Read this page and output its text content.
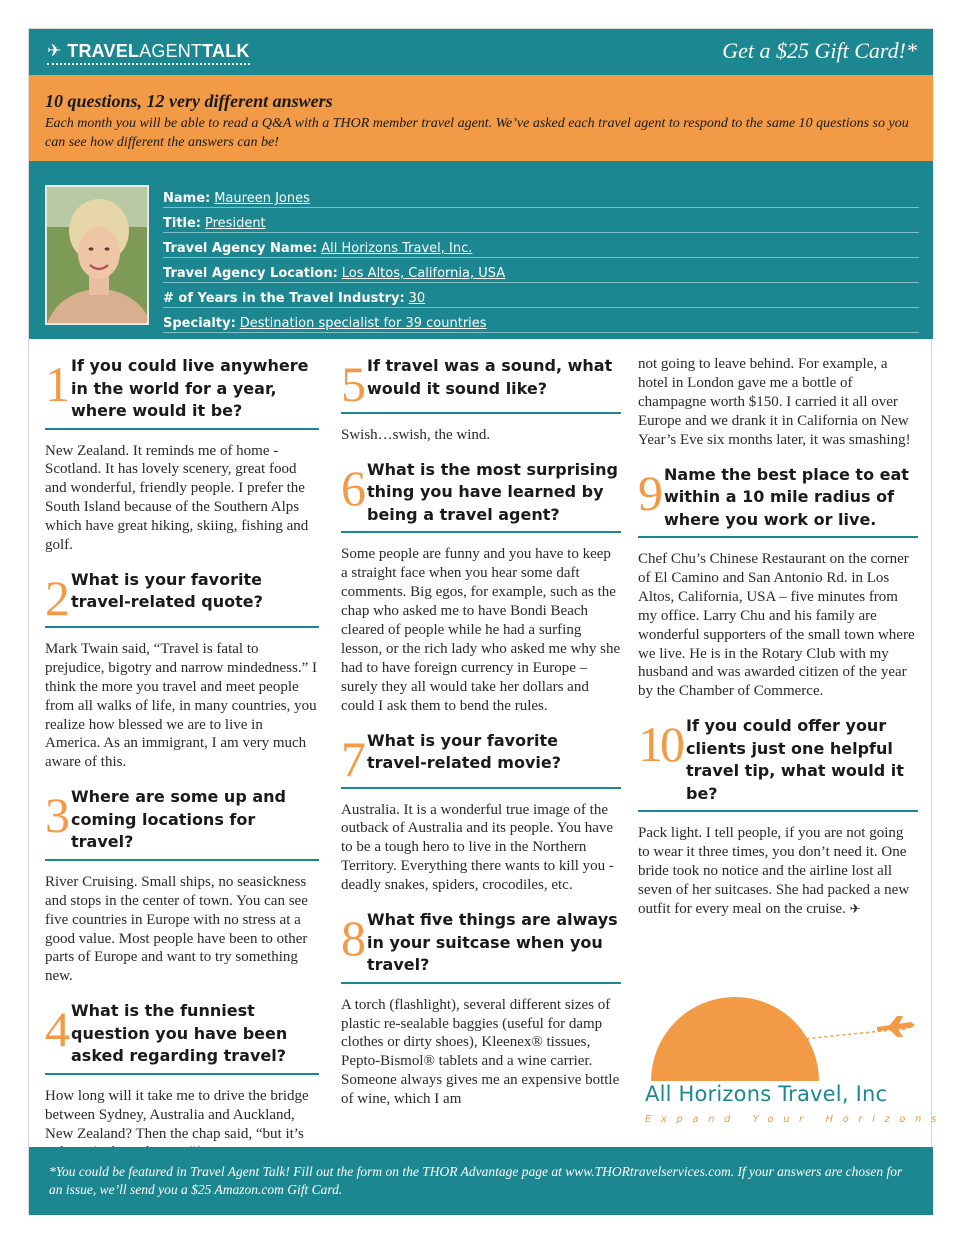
✈ TRAVELAGENTTALK	Get a $25 Gift Card!*
10 questions, 12 very different answers
Each month you will be able to read a Q&A with a THOR member travel agent. We’ve asked each travel agent to respond to the same 10 questions so you can see how different the answers can be!
Name: Maureen Jones
Title: President
Travel Agency Name: All Horizons Travel, Inc.
Travel Agency Location: Los Altos, California, USA
# of Years in the Travel Industry: 30
Specialty: Destination specialist for 39 countries
1 If you could live anywhere in the world for a year, where would it be?
New Zealand. It reminds me of home - Scotland. It has lovely scenery, great food and wonderful, friendly people. I prefer the South Island because of the Southern Alps which have great hiking, skiing, fishing and golf.
2 What is your favorite travel-related quote?
Mark Twain said, “Travel is fatal to prejudice, bigotry and narrow mindedness.” I think the more you travel and meet people from all walks of life, in many countries, you realize how blessed we are to live in America. As an immigrant, I am very much aware of this.
3 Where are some up and coming locations for travel?
River Cruising. Small ships, no seasickness and stops in the center of town. You can see five countries in Europe with no stress at a good value. Most people have been to other parts of Europe and want to try something new.
4 What is the funniest question you have been asked regarding travel?
How long will it take me to drive the bridge between Sydney, Australia and Auckland, New Zealand? Then the chap said, “but it’s
5 If travel was a sound, what would it sound like?
Swish…swish, the wind.
6 What is the most surprising thing you have learned by being a travel agent?
Some people are funny and you have to keep a straight face when you hear some daft comments. Big egos, for example, such as the chap who asked me to have Bondi Beach cleared of people while he had a surfing lesson, or the rich lady who asked me why she had to have foreign currency in Europe – surely they all would take her dollars and could I ask them to bend the rules.
7 What is your favorite travel-related movie?
Australia. It is a wonderful true image of the outback of Australia and its people. You have to be a tough hero to live in the Northern Territory. Everything there wants to kill you - deadly snakes, spiders, crocodiles, etc.
8 What five things are always in your suitcase when you travel?
A torch (flashlight), several different sizes of plastic re-sealable baggies (useful for damp clothes or dirty shoes), Kleenex® tissues, Pepto-Bismol® tablets and a wine carrier. Someone always gives me an expensive bottle of wine, which I am
not going to leave behind. For example, a hotel in London gave me a bottle of champagne worth $150. I carried it all over Europe and we drank it in California on New Year’s Eve six months later, it was smashing!
9 Name the best place to eat within a 10 mile radius of where you work or live.
Chef Chu’s Chinese Restaurant on the corner of El Camino and San Antonio Rd. in Los Altos, California, USA – five minutes from my office. Larry Chu and his family are wonderful supporters of the small town where we live. He is in the Rotary Club with my husband and was awarded citizen of the year by the Chamber of Commerce.
10 If you could offer your clients just one helpful travel tip, what would it be?
Pack light. I tell people, if you are not going to wear it three times, you don’t need it. One bride took no notice and the airline lost all seven of her suitcases. She had packed a new outfit for every meal on the cruise. ✈
All Horizons Travel, Inc
Expand Your Horizons
*You could be featured in Travel Agent Talk! Fill out the form on the THOR Advantage page at www.THORtravelservices.com. If your answers are chosen for an issue, we’ll send you a $25 Amazon.com Gift Card.
